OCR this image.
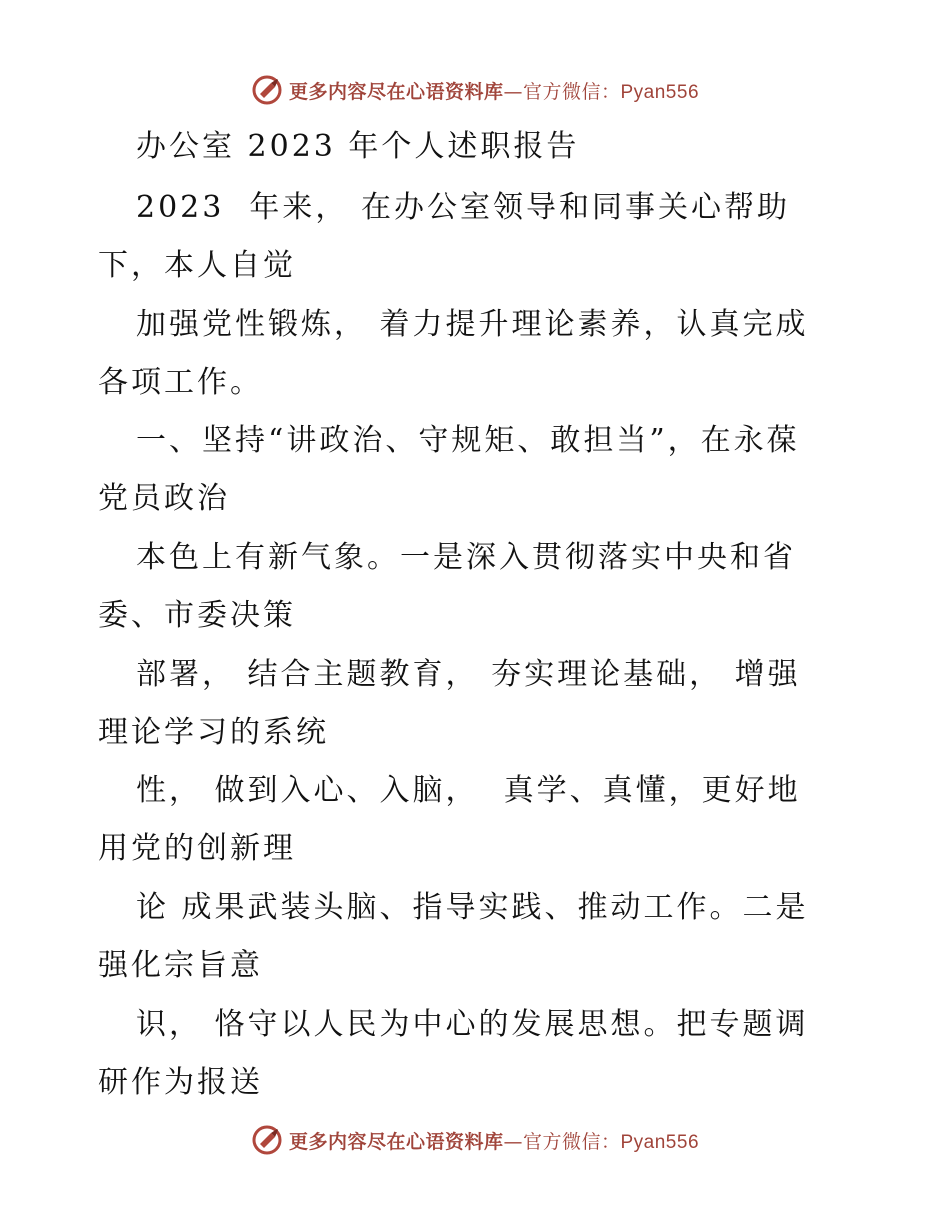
更多内容尽在心语资料库—官方微信：Pyan556
办公室 2023 年个人述职报告
2023  年来， 在办公室领导和同事关心帮助
下，本人自觉
加强党性锻炼， 着力提升理论素养，认真完成
各项工作。
一、坚持“讲政治、守规矩、敢担当”，在永葆
党员政治
本色上有新气象。一是深入贯彻落实中央和省
委、市委决策
部署， 结合主题教育， 夯实理论基础， 增强
理论学习的系统
性， 做到入心、入脑，  真学、真懂，更好地
用党的创新理
论 成果武装头脑、指导实践、推动工作。二是
强化宗旨意
识， 恪守以人民为中心的发展思想。把专题调
研作为报送
更多内容尽在心语资料库—官方微信：Pyan556
